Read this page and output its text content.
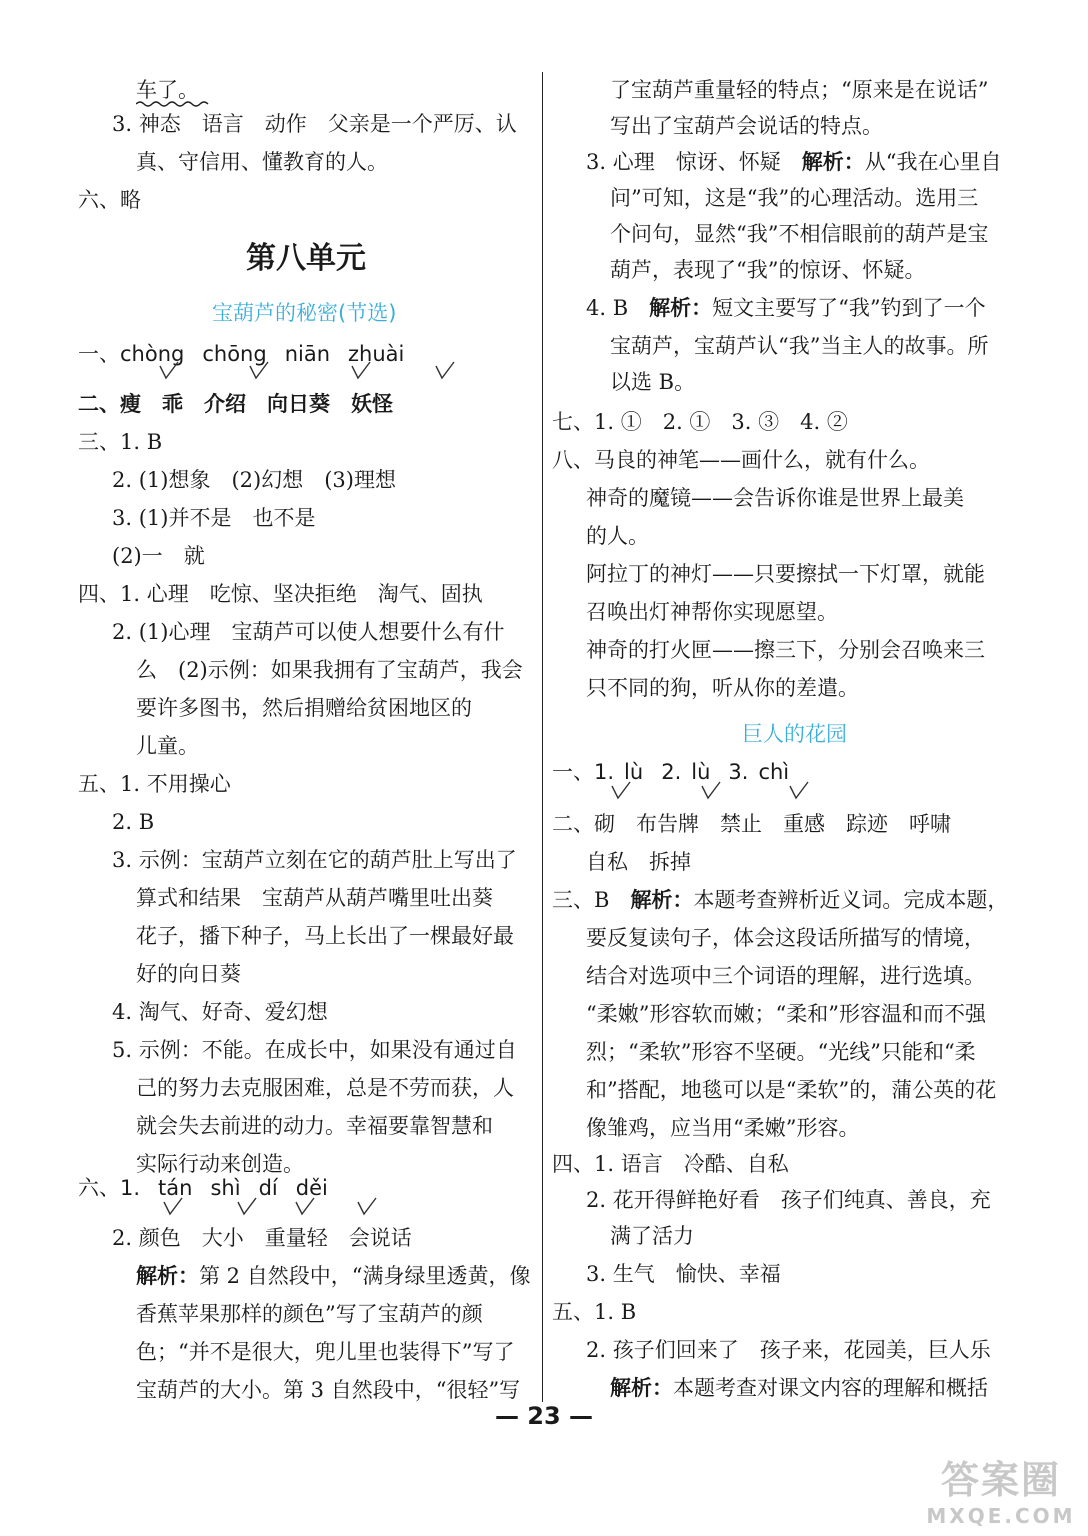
车了。
3. 神态　语言　动作　父亲是一个严厉、认
真、守信用、懂教育的人。
六、略
第八单元
宝葫芦的秘密(节选)
一、chòng chōng niān zhuài
二、瘦　乖　介绍　向日葵　妖怪
三、1. B
2. (1)想象　(2)幻想　(3)理想
3. (1)并不是　也不是
(2)一　就
四、1. 心理　吃惊、坚决拒绝　淘气、固执
2. (1)心理　宝葫芦可以使人想要什么有什
么　(2)示例：如果我拥有了宝葫芦，我会
要许多图书，然后捐赠给贫困地区的
儿童。
五、1. 不用操心
2. B
3. 示例：宝葫芦立刻在它的葫芦肚上写出了
算式和结果　宝葫芦从葫芦嘴里吐出葵
花子，播下种子，马上长出了一棵最好最
好的向日葵
4. 淘气、好奇、爱幻想
5. 示例：不能。在成长中，如果没有通过自
己的努力去克服困难，总是不劳而获，人
就会失去前进的动力。幸福要靠智慧和
实际行动来创造。
六、1. tán shì dí děi
2. 颜色　大小　重量轻　会说话
解析：第 2 自然段中，“满身绿里透黄，像
香蕉苹果那样的颜色”写了宝葫芦的颜
色；“并不是很大，兜儿里也装得下”写了
宝葫芦的大小。第 3 自然段中，“很轻”写
了宝葫芦重量轻的特点；“原来是在说话”
写出了宝葫芦会说话的特点。
3. 心理　惊讶、怀疑　解析：从“我在心里自
问”可知，这是“我”的心理活动。选用三
个问句，显然“我”不相信眼前的葫芦是宝
葫芦，表现了“我”的惊讶、怀疑。
4. B　解析：短文主要写了“我”钓到了一个
宝葫芦，宝葫芦认“我”当主人的故事。所
以选 B。
七、1. ①　2. ①　3. ③　4. ②
八、马良的神笔——画什么，就有什么。
神奇的魔镜——会告诉你谁是世界上最美
的人。
阿拉丁的神灯——只要擦拭一下灯罩，就能
召唤出灯神帮你实现愿望。
神奇的打火匣——擦三下，分别会召唤来三
只不同的狗，听从你的差遣。
巨人的花园
一、1. lù 2. lù 3. chì
二、砌　布告牌　禁止　重感　踪迹　呼啸
自私　拆掉
三、B　解析：本题考查辨析近义词。完成本题，
要反复读句子，体会这段话所描写的情境，
结合对选项中三个词语的理解，进行选填。
“柔嫩”形容软而嫩；“柔和”形容温和而不强
烈；“柔软”形容不坚硬。“光线”只能和“柔
和”搭配，地毯可以是“柔软”的，蒲公英的花
像雏鸡，应当用“柔嫩”形容。
四、1. 语言　冷酷、自私
2. 花开得鲜艳好看　孩子们纯真、善良，充
满了活力
3. 生气　愉快、幸福
五、1. B
2. 孩子们回来了　孩子来，花园美，巨人乐
解析：本题考查对课文内容的理解和概括
— 23 —
答案圈
MXQE.COM
